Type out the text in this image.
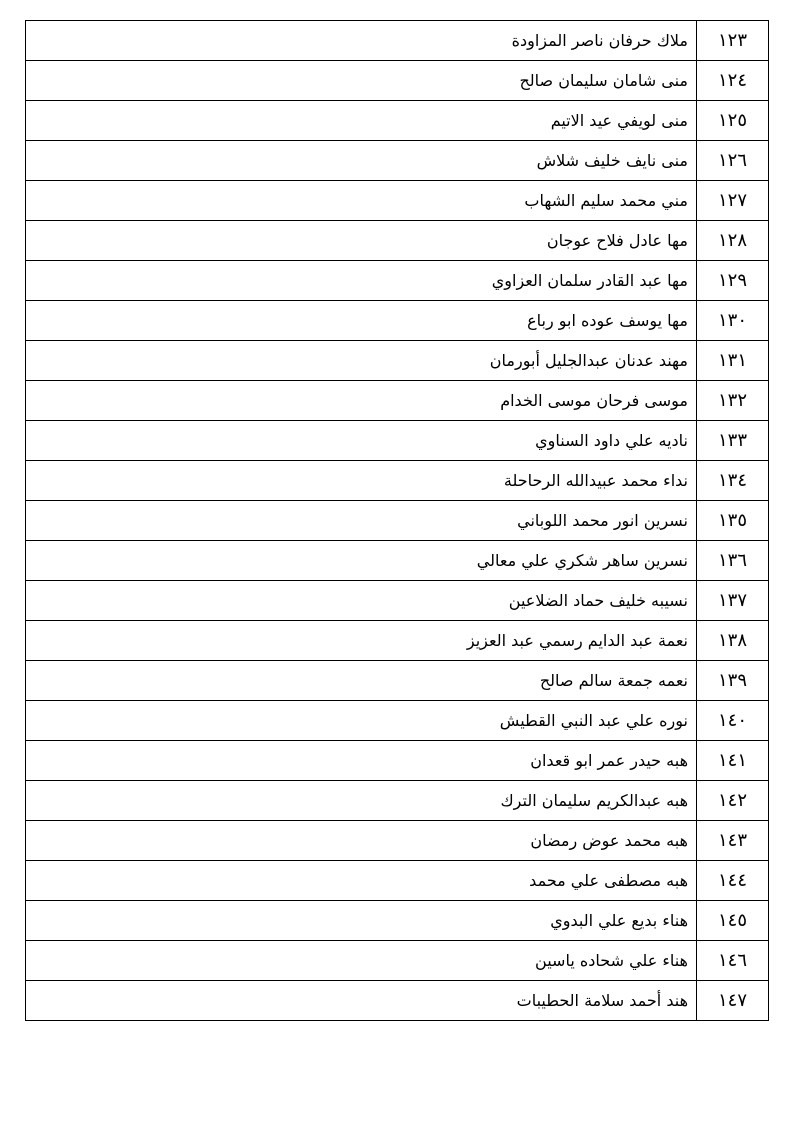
١٢٣	ملاك حرفان ناصر المزاودة
١٢٤	منى شامان سليمان صالح
١٢٥	منى لويفي عيد الاتيم
١٢٦	منى نايف خليف شلاش
١٢٧	مني محمد سليم الشهاب
١٢٨	مها عادل فلاح عوجان
١٢٩	مها عبد القادر سلمان العزاوي
١٣٠	مها يوسف عوده ابو رباع
١٣١	مهند عدنان عبدالجليل أبورمان
١٣٢	موسى فرحان موسى الخدام
١٣٣	ناديه علي داود السناوي
١٣٤	نداء محمد عبيدالله الرحاحلة
١٣٥	نسرين انور محمد اللوباني
١٣٦	نسرين ساهر شكري علي معالي
١٣٧	نسيبه خليف حماد الضلاعين
١٣٨	نعمة عبد الدايم رسمي عبد العزيز
١٣٩	نعمه جمعة سالم صالح
١٤٠	نوره علي عبد النبي القطيش
١٤١	هبه حيدر عمر ابو قعدان
١٤٢	هبه عبدالكريم سليمان الترك
١٤٣	هبه محمد عوض رمضان
١٤٤	هبه مصطفى علي محمد
١٤٥	هناء بديع علي البدوي
١٤٦	هناء علي شحاده ياسين
١٤٧	هند أحمد سلامة الحطيبات
